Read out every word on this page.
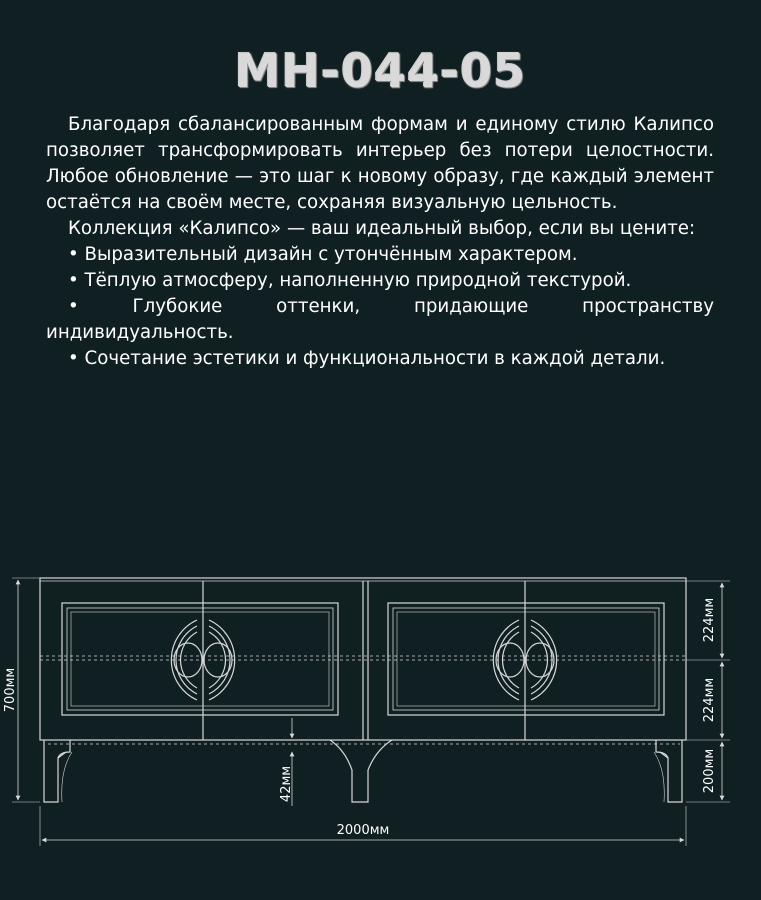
МН-044-05

Благодаря сбалансированным формам и единому стилю Калипсо позволяет трансформировать интерьер без потери целостности. Любое обновление — это шаг к новому образу, где каждый элемент остаётся на своём месте, сохраняя визуальную цельность.

Коллекция «Калипсо» — ваш идеальный выбор, если вы цените:

• Выразительный дизайн с утончённым характером.

• Тёплую атмосферу, наполненную природной текстурой.

• Глубокие оттенки, придающие пространству индивидуальность.

• Сочетание эстетики и функциональности в каждой детали.

700мм
2000мм
224мм
224мм
200мм
42мм
